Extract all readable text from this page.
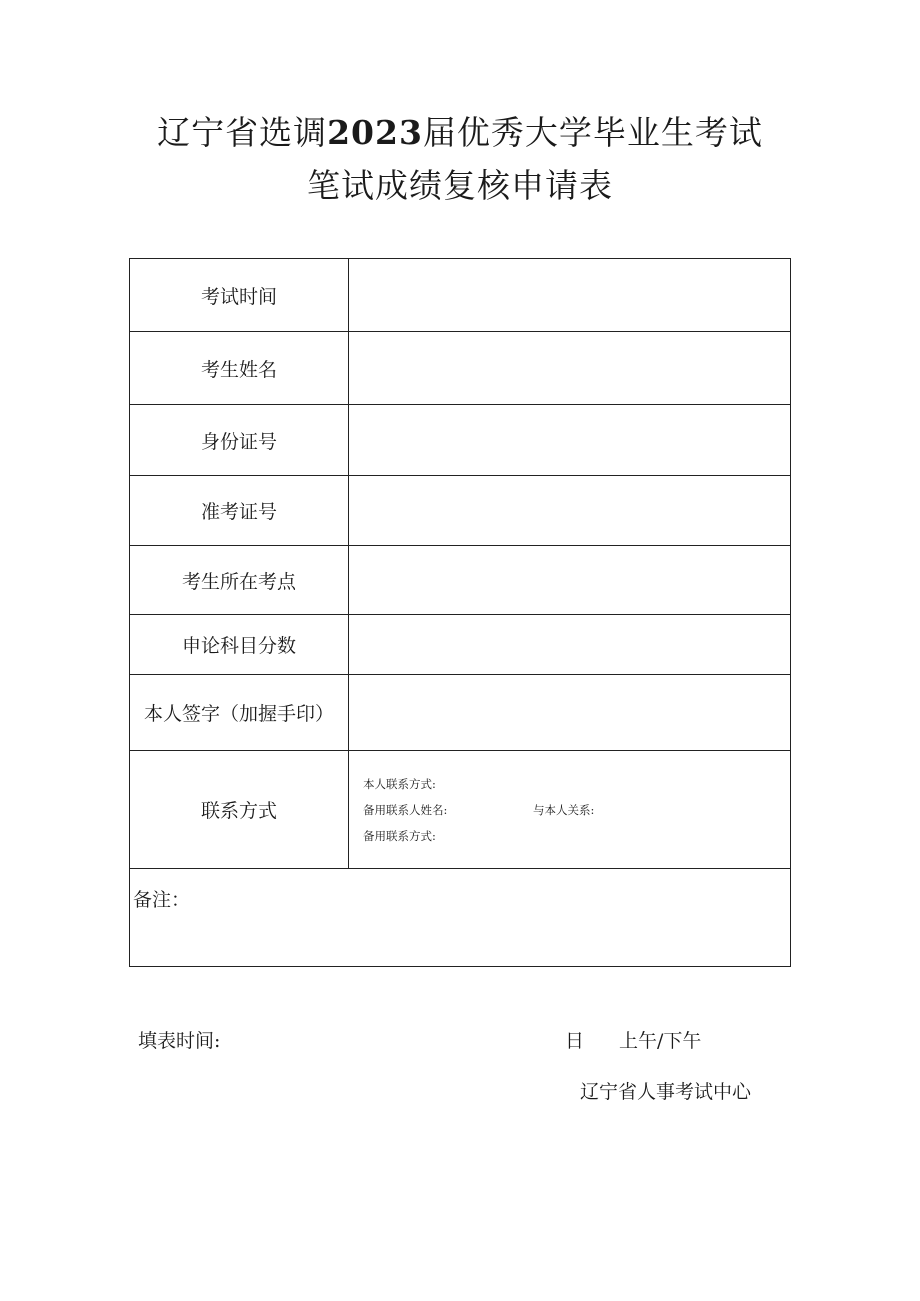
辽宁省选调2023届优秀大学毕业生考试
笔试成绩复核申请表
考试时间	
考生姓名	
身份证号	
准考证号	
考生所在考点	
申论科目分数	
本人签字（加握手印）	
联系方式	本人联系方式:
备用联系人姓名: 与本人关系:
备用联系方式:

备注：	
填表时间:	日 上午/下午
辽宁省人事考试中心
